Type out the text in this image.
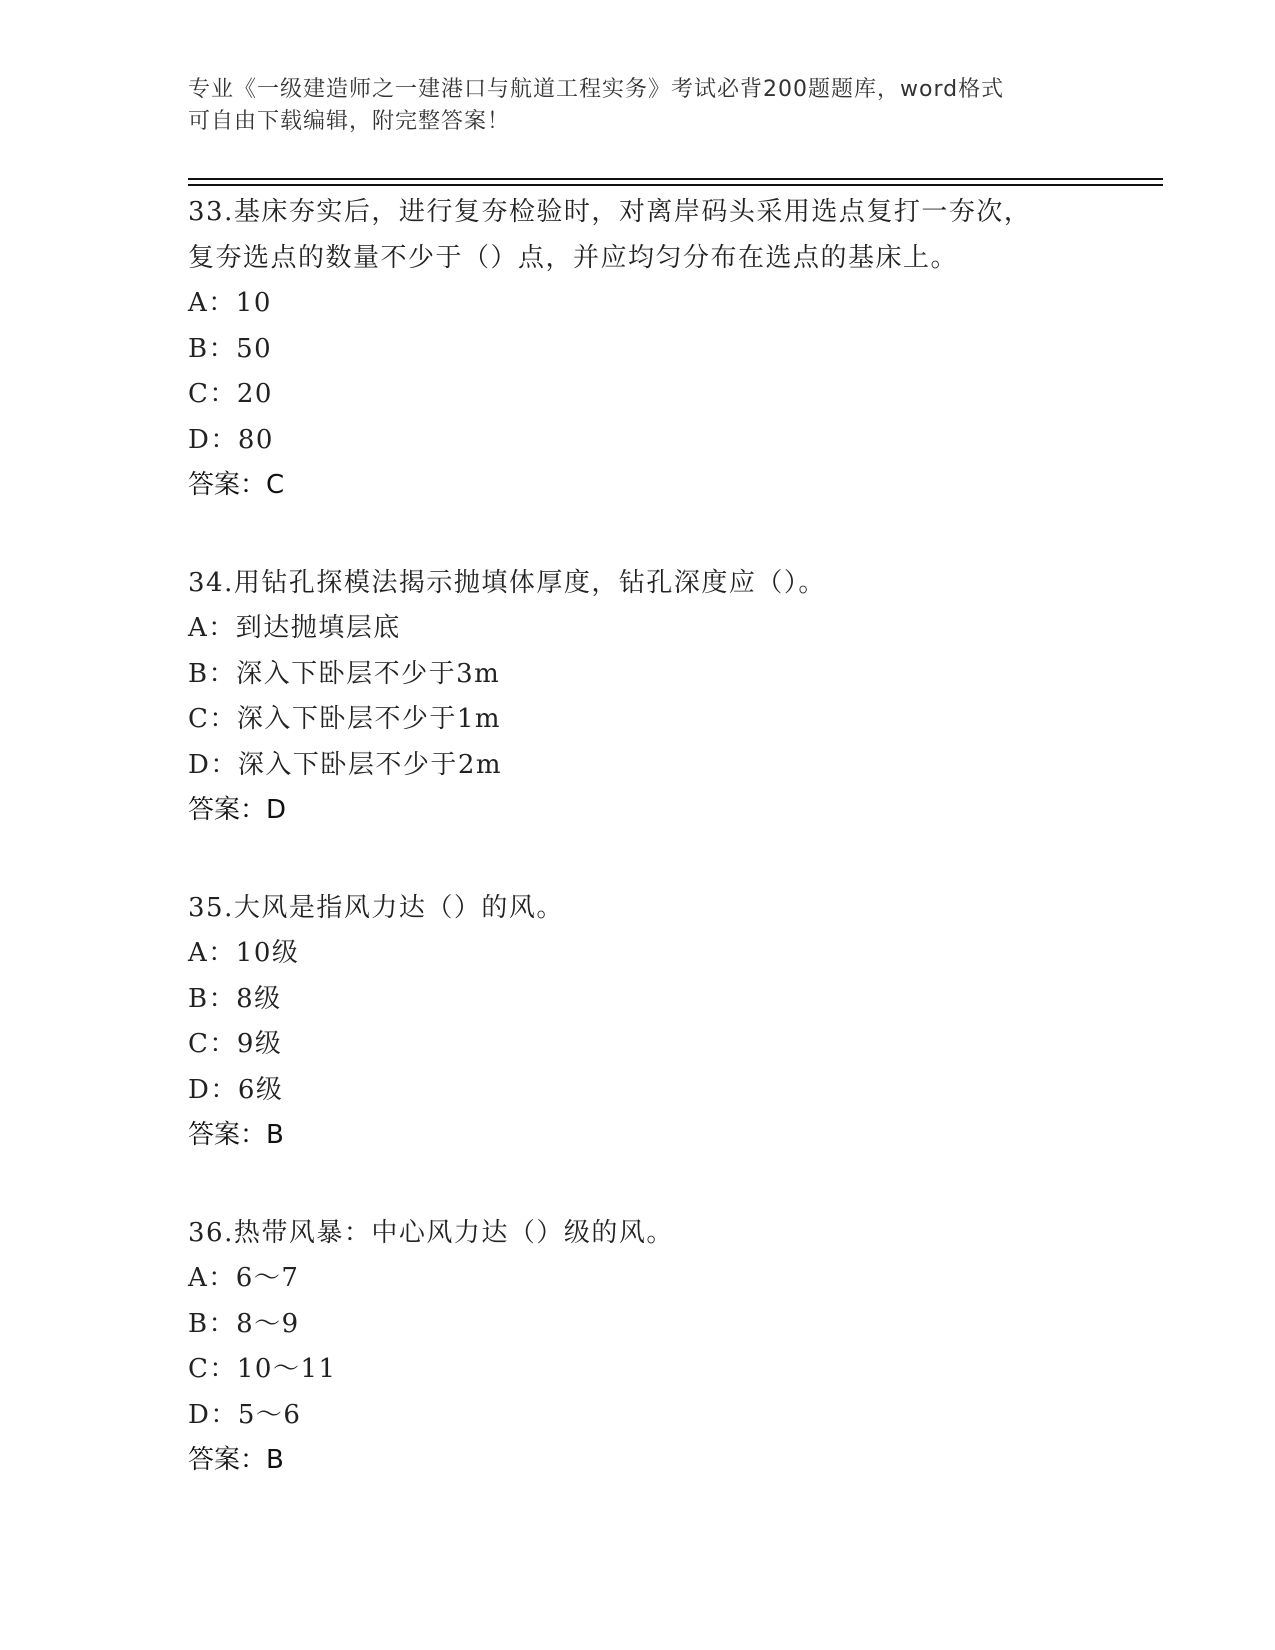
专业《一级建造师之一建港口与航道工程实务》考试必背200题题库，word格式
可自由下载编辑，附完整答案！
33.基床夯实后，进行复夯检验时，对离岸码头采用选点复打一夯次，
复夯选点的数量不少于（）点，并应均匀分布在选点的基床上。
A：10
B：50
C：20
D：80
答案：C
34.用钻孔探模法揭示抛填体厚度，钻孔深度应（）。
A：到达抛填层底
B：深入下卧层不少于3m
C：深入下卧层不少于1m
D：深入下卧层不少于2m
答案：D
35.大风是指风力达（）的风。
A：10级
B：8级
C：9级
D：6级
答案：B
36.热带风暴：中心风力达（）级的风。
A：6～7
B：8～9
C：10～11
D：5～6
答案：B
